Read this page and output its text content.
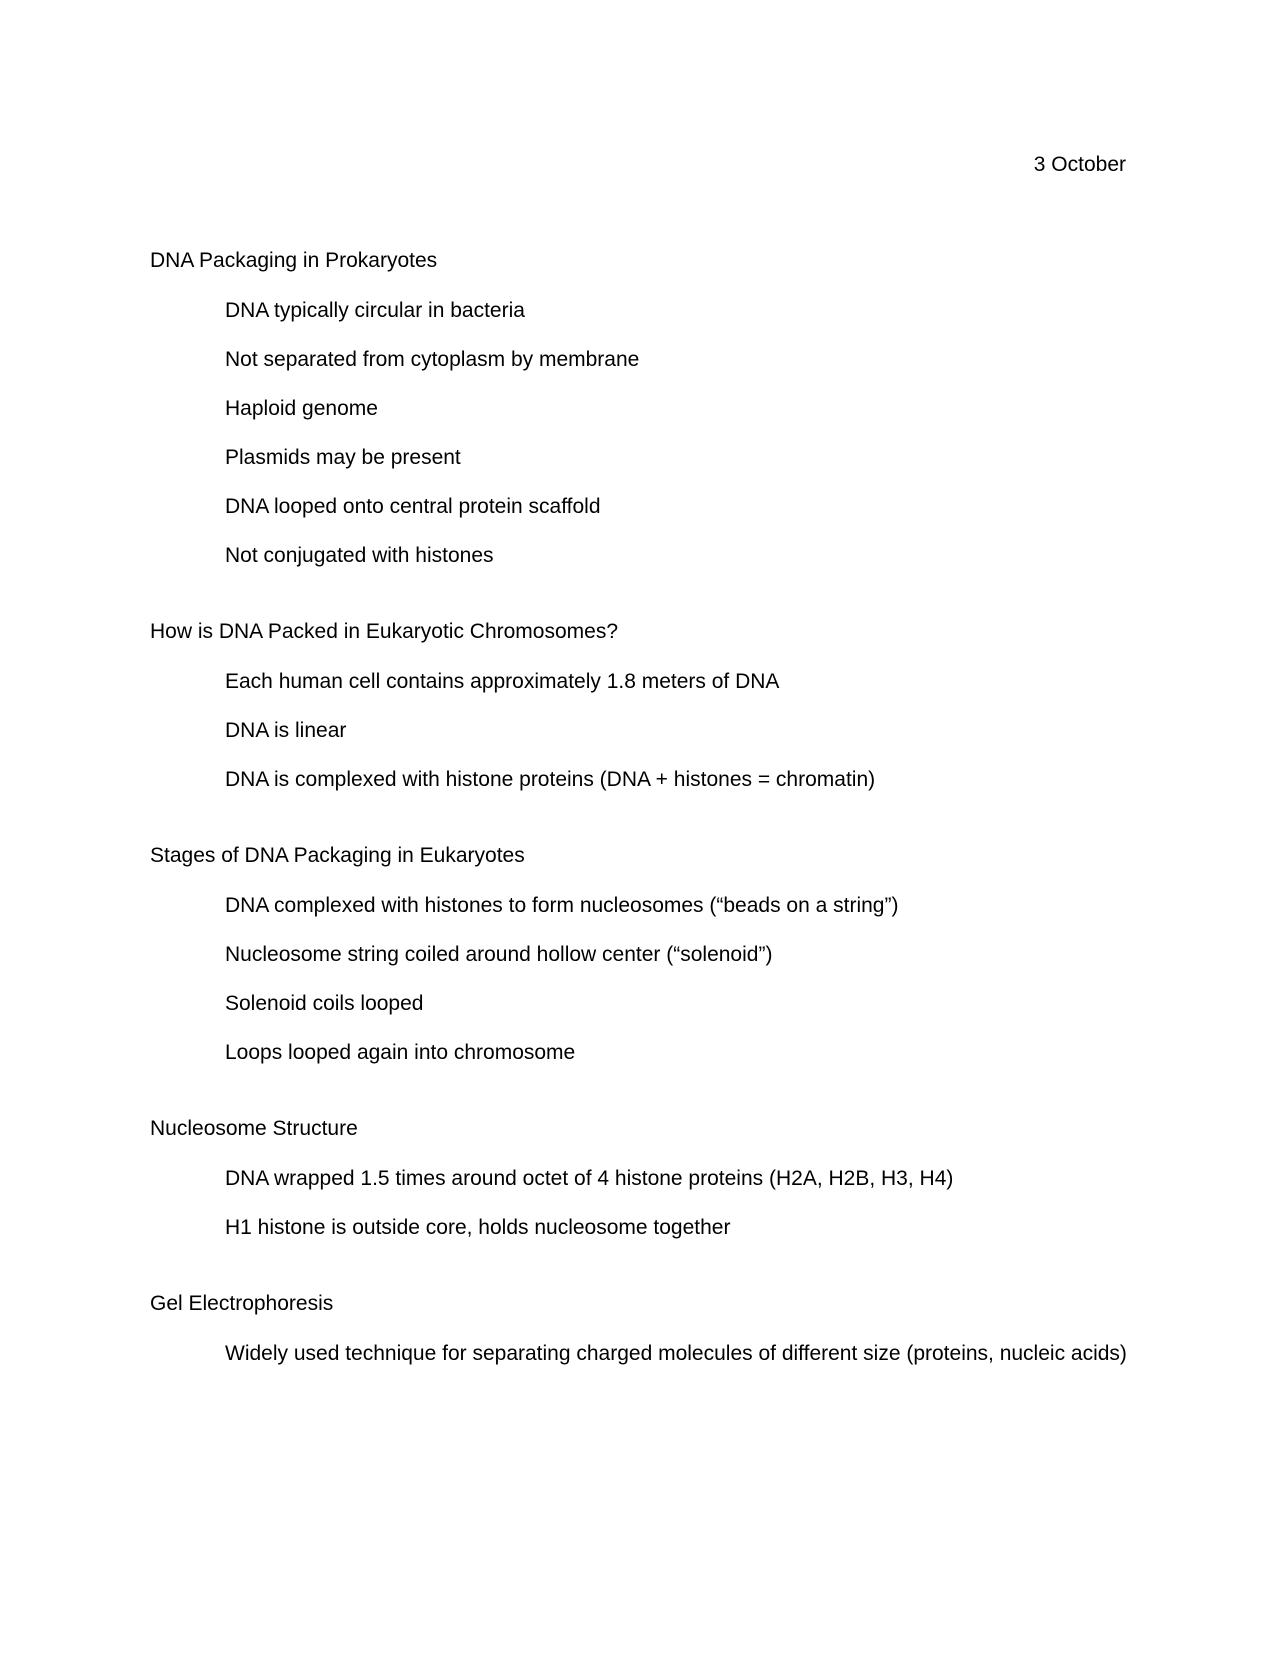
3 October
DNA Packaging in Prokaryotes
DNA typically circular in bacteria
Not separated from cytoplasm by membrane
Haploid genome
Plasmids may be present
DNA looped onto central protein scaffold
Not conjugated with histones
How is DNA Packed in Eukaryotic Chromosomes?
Each human cell contains approximately 1.8 meters of DNA
DNA is linear
DNA is complexed with histone proteins (DNA + histones = chromatin)
Stages of DNA Packaging in Eukaryotes
DNA complexed with histones to form nucleosomes (“beads on a string”)
Nucleosome string coiled around hollow center (“solenoid”)
Solenoid coils looped
Loops looped again into chromosome
Nucleosome Structure
DNA wrapped 1.5 times around octet of 4 histone proteins (H2A, H2B, H3, H4)
H1 histone is outside core, holds nucleosome together
Gel Electrophoresis
Widely used technique for separating charged molecules of different size (proteins, nucleic acids)
